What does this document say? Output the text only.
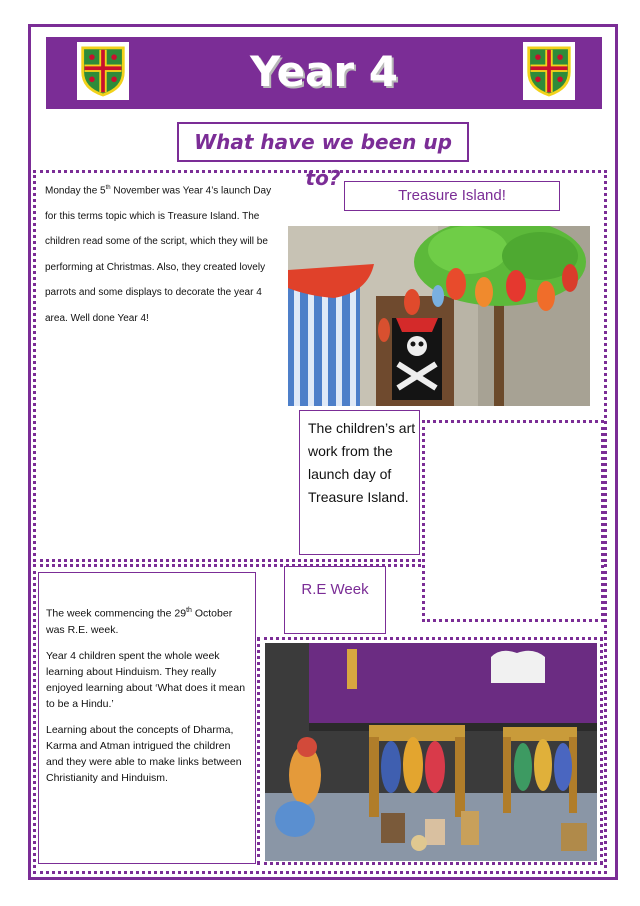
Year 4
What have we been up to?
Monday the 5th November was Year 4’s launch Day for this terms topic which is Treasure Island. The children read some of the script, which they will be performing at Christmas. Also, they created lovely parrots and some displays to decorate the year 4 area. Well done Year 4!
Treasure Island!
The children’s art work from the launch day of Treasure Island.

The week commencing the 29th October was R.E. week.

Year 4 children spent the whole week learning about Hinduism. They really enjoyed learning about ‘What does it mean to be a Hindu.’

Learning about the concepts of Dharma, Karma and Atman intrigued the children and they were able to make links between Christianity and Hinduism.

R.E Week
